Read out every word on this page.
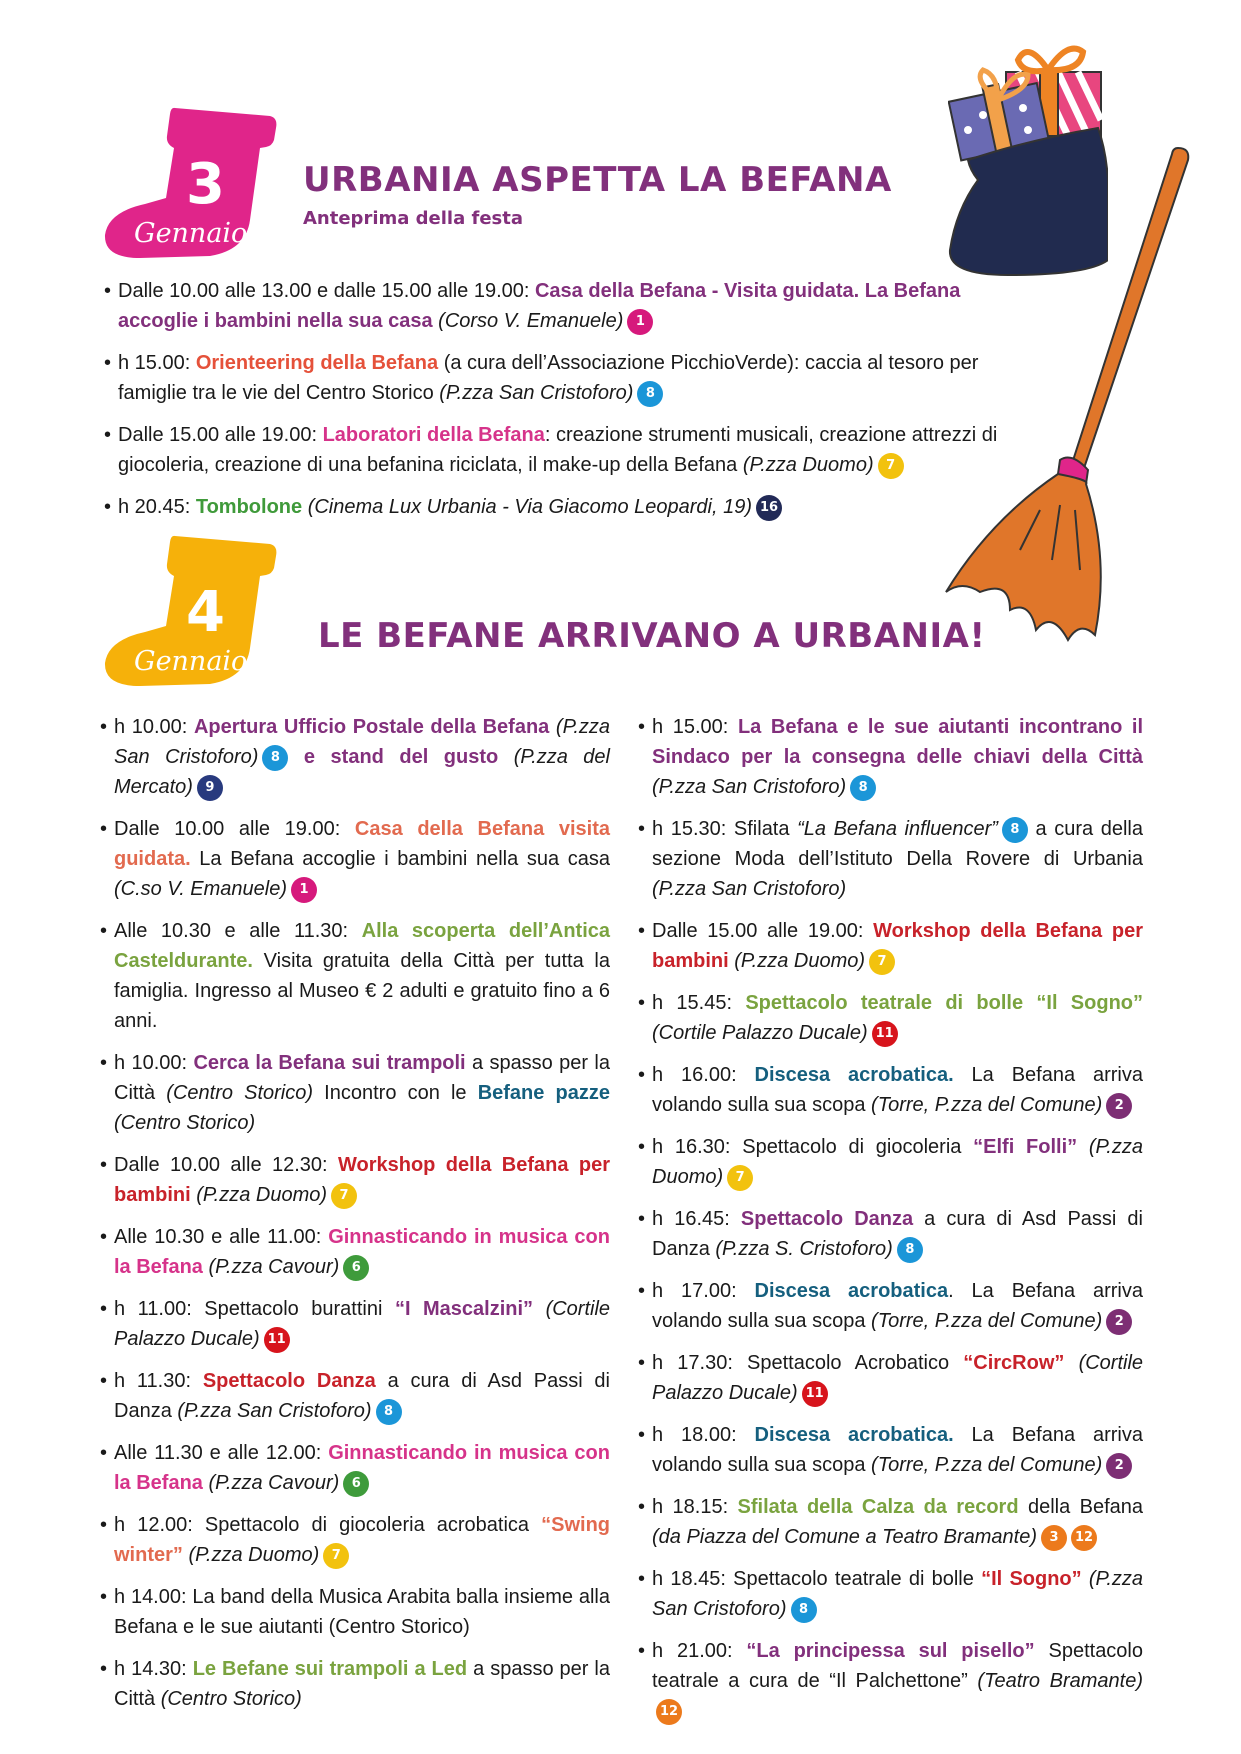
3
Gennaio
URBANIA ASPETTA LA BEFANA
Anteprima della festa
• Dalle 10.00 alle 13.00 e dalle 15.00 alle 19.00: Casa della Befana - Visita guidata. La Befana accoglie i bambini nella sua casa (Corso V. Emanuele) 1
• h 15.00: Orienteering della Befana (a cura dell’Associazione PicchioVerde): caccia al tesoro per famiglie tra le vie del Centro Storico (P.zza San Cristoforo) 8
• Dalle 15.00 alle 19.00: Laboratori della Befana: creazione strumenti musicali, creazione attrezzi di giocoleria, creazione di una befanina riciclata, il make-up della Befana (P.zza Duomo) 7
• h 20.45: Tombolone (Cinema Lux Urbania - Via Giacomo Leopardi, 19) 16
4
Gennaio
LE BEFANE ARRIVANO A URBANIA!
• h 10.00: Apertura Ufficio Postale della Befana (P.zza San Cristoforo) 8 e stand del gusto (P.zza del Mercato) 9
• Dalle 10.00 alle 19.00: Casa della Befana visita guidata. La Befana accoglie i bambini nella sua casa (C.so V. Emanuele) 1
• Alle 10.30 e alle 11.30: Alla scoperta dell’Antica Casteldurante. Visita gratuita della Città per tutta la famiglia. Ingresso al Museo € 2 adulti e gratuito fino a 6 anni.
• h 10.00: Cerca la Befana sui trampoli a spasso per la Città (Centro Storico) Incontro con le Befane pazze (Centro Storico)
• Dalle 10.00 alle 12.30: Workshop della Befana per bambini (P.zza Duomo) 7
• Alle 10.30 e alle 11.00: Ginnasticando in musica con la Befana (P.zza Cavour) 6
• h 11.00: Spettacolo burattini “I Mascalzini” (Cortile Palazzo Ducale) 11
• h 11.30: Spettacolo Danza a cura di Asd Passi di Danza (P.zza San Cristoforo) 8
• Alle 11.30 e alle 12.00: Ginnasticando in musica con la Befana (P.zza Cavour) 6
• h 12.00: Spettacolo di giocoleria acrobatica “Swing winter” (P.zza Duomo) 7
• h 14.00: La band della Musica Arabita balla insieme alla Befana e le sue aiutanti (Centro Storico)
• h 14.30: Le Befane sui trampoli a Led a spasso per la Città (Centro Storico)
• h 15.00: La Befana e le sue aiutanti incontrano il Sindaco per la consegna delle chiavi della Città (P.zza San Cristoforo) 8
• h 15.30: Sfilata “La Befana influencer” 8 a cura della sezione Moda dell’Istituto Della Rovere di Urbania (P.zza San Cristoforo)
• Dalle 15.00 alle 19.00: Workshop della Befana per bambini (P.zza Duomo) 7
• h 15.45: Spettacolo teatrale di bolle “Il Sogno” (Cortile Palazzo Ducale) 11
• h 16.00: Discesa acrobatica. La Befana arriva volando sulla sua scopa (Torre, P.zza del Comune) 2
• h 16.30: Spettacolo di giocoleria “Elfi Folli” (P.zza Duomo) 7
• h 16.45: Spettacolo Danza a cura di Asd Passi di Danza (P.zza S. Cristoforo) 8
• h 17.00: Discesa acrobatica. La Befana arriva volando sulla sua scopa (Torre, P.zza del Comune) 2
• h 17.30: Spettacolo Acrobatico “CircRow” (Cortile Palazzo Ducale) 11
• h 18.00: Discesa acrobatica. La Befana arriva volando sulla sua scopa (Torre, P.zza del Comune) 2
• h 18.15: Sfilata della Calza da record della Befana (da Piazza del Comune a Teatro Bramante) 3 12
• h 18.45: Spettacolo teatrale di bolle “Il Sogno” (P.zza San Cristoforo) 8
• h 21.00: “La principessa sul pisello” Spettacolo teatrale a cura de “Il Palchettone” (Teatro Bramante)12
